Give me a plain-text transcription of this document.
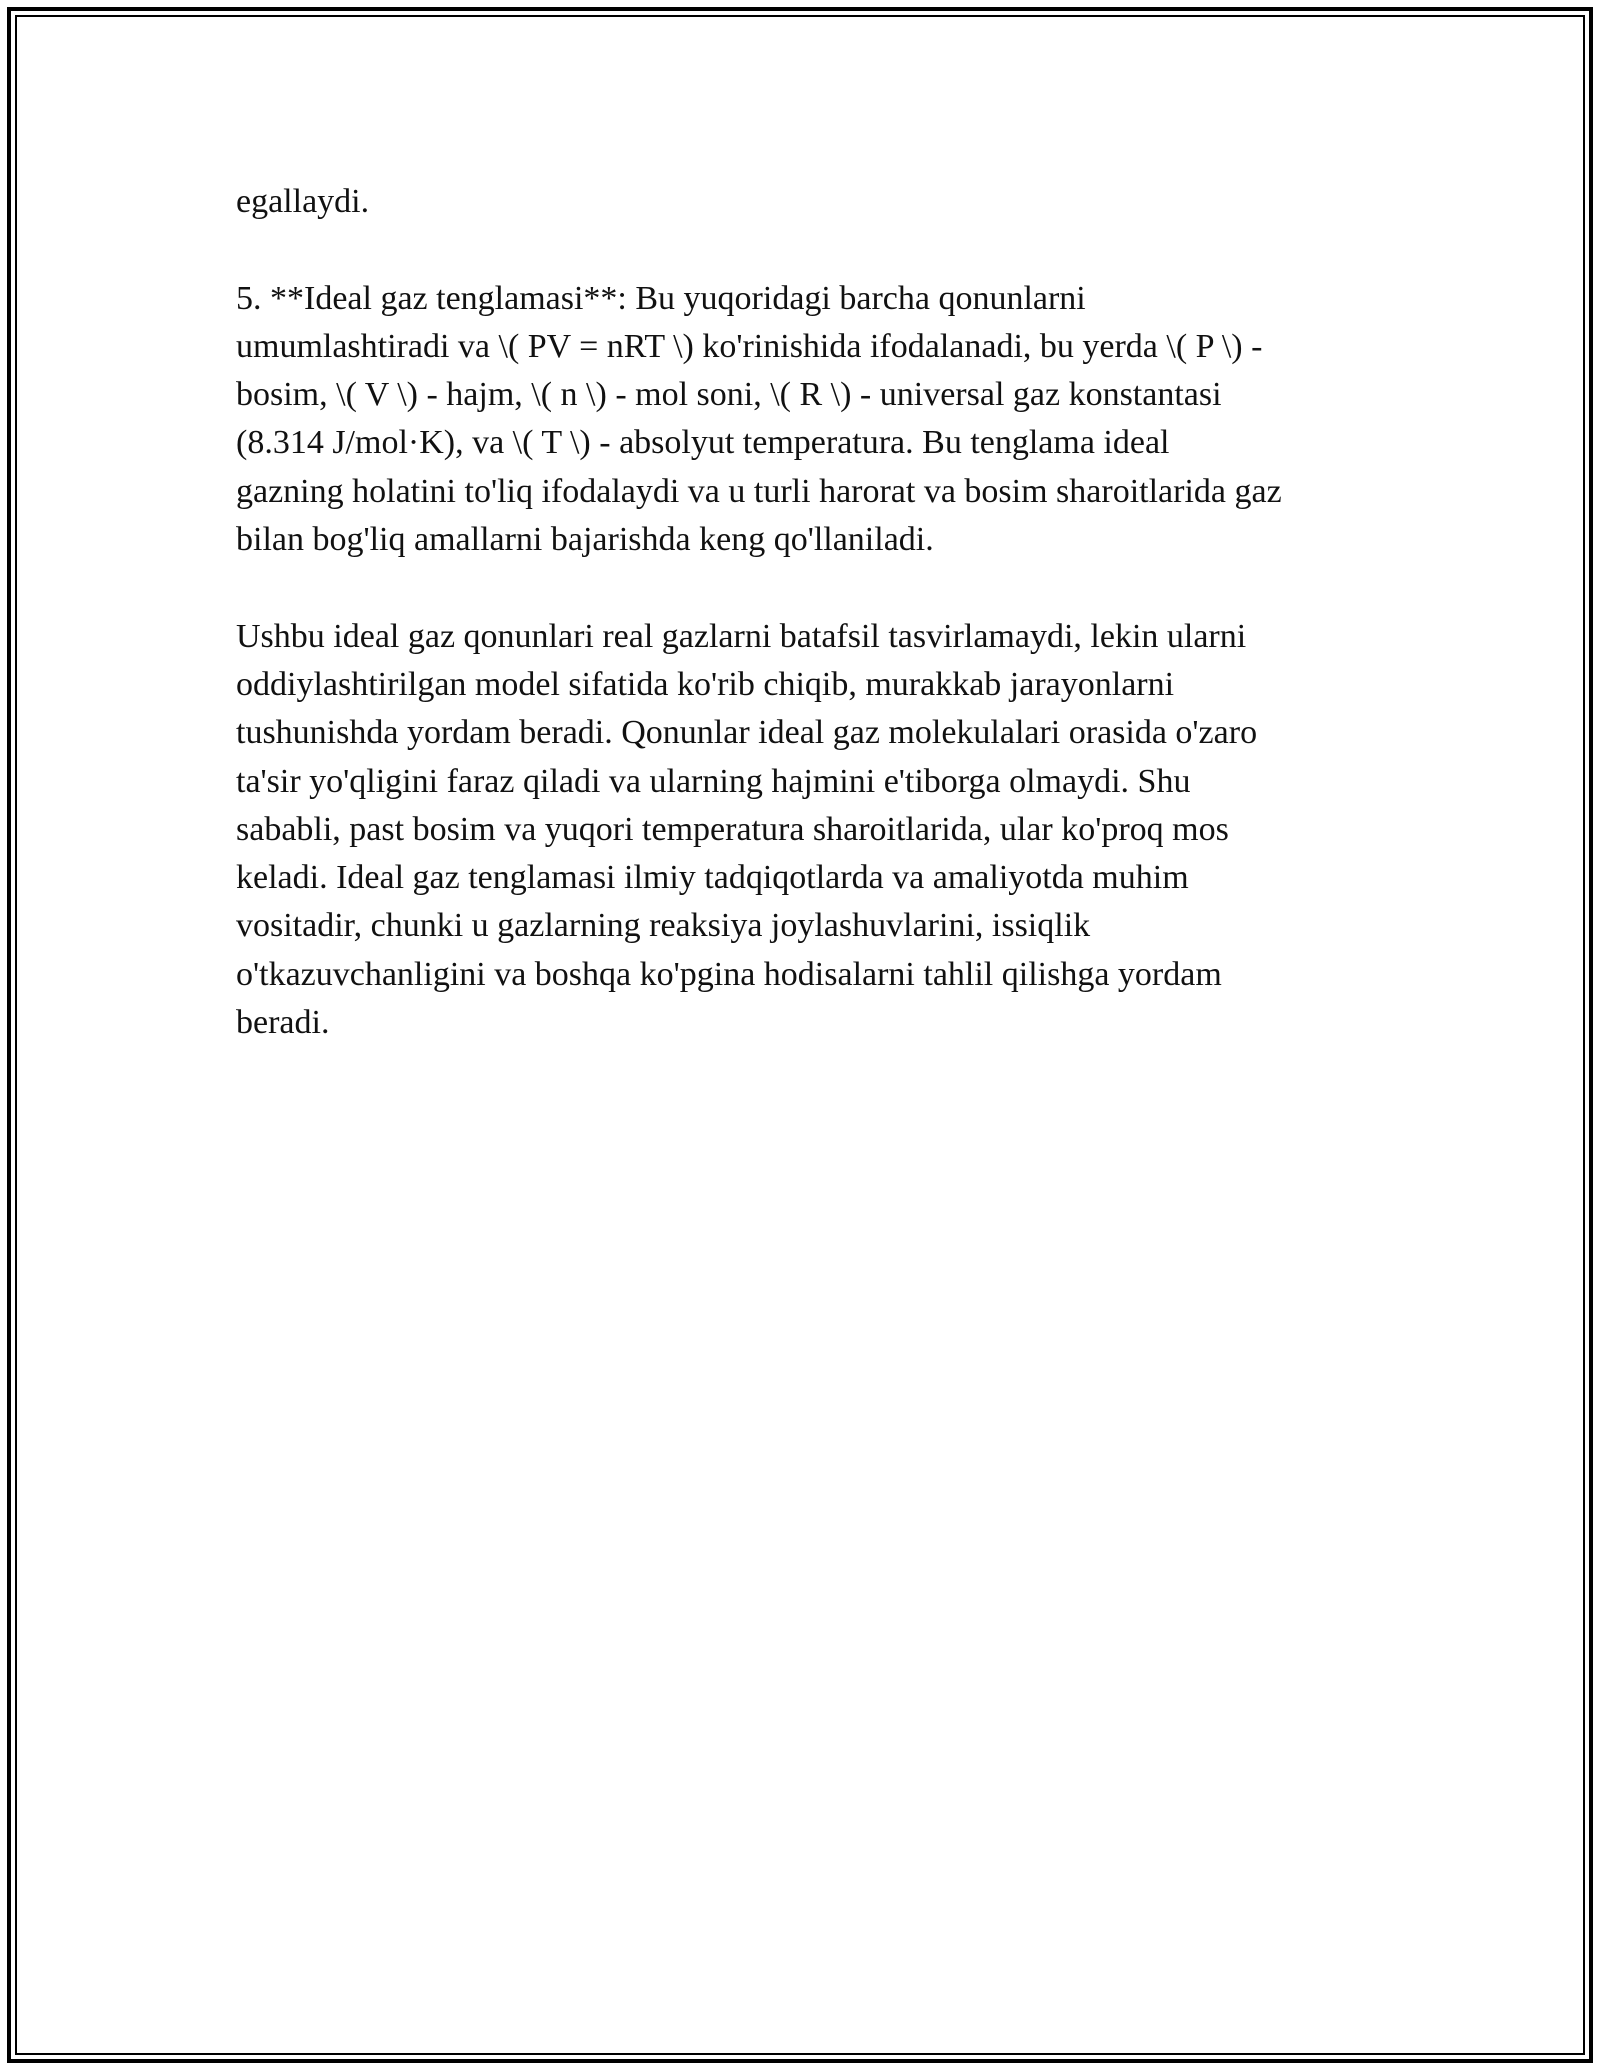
egallaydi.

5. **Ideal gaz tenglamasi**: Bu yuqoridagi barcha qonunlarni
umumlashtiradi va \( PV = nRT \) ko'rinishida ifodalanadi, bu yerda \( P \) -
bosim, \( V \) - hajm, \( n \) - mol soni, \( R \) - universal gaz konstantasi
(8.314 J/mol·K), va \( T \) - absolyut temperatura. Bu tenglama ideal
gazning holatini to'liq ifodalaydi va u turli harorat va bosim sharoitlarida gaz
bilan bog'liq amallarni bajarishda keng qo'llaniladi.

Ushbu ideal gaz qonunlari real gazlarni batafsil tasvirlamaydi, lekin ularni
oddiylashtirilgan model sifatida ko'rib chiqib, murakkab jarayonlarni
tushunishda yordam beradi. Qonunlar ideal gaz molekulalari orasida o'zaro
ta'sir yo'qligini faraz qiladi va ularning hajmini e'tiborga olmaydi. Shu
sababli, past bosim va yuqori temperatura sharoitlarida, ular ko'proq mos
keladi. Ideal gaz tenglamasi ilmiy tadqiqotlarda va amaliyotda muhim
vositadir, chunki u gazlarning reaksiya joylashuvlarini, issiqlik
o'tkazuvchanligini va boshqa ko'pgina hodisalarni tahlil qilishga yordam
beradi.
